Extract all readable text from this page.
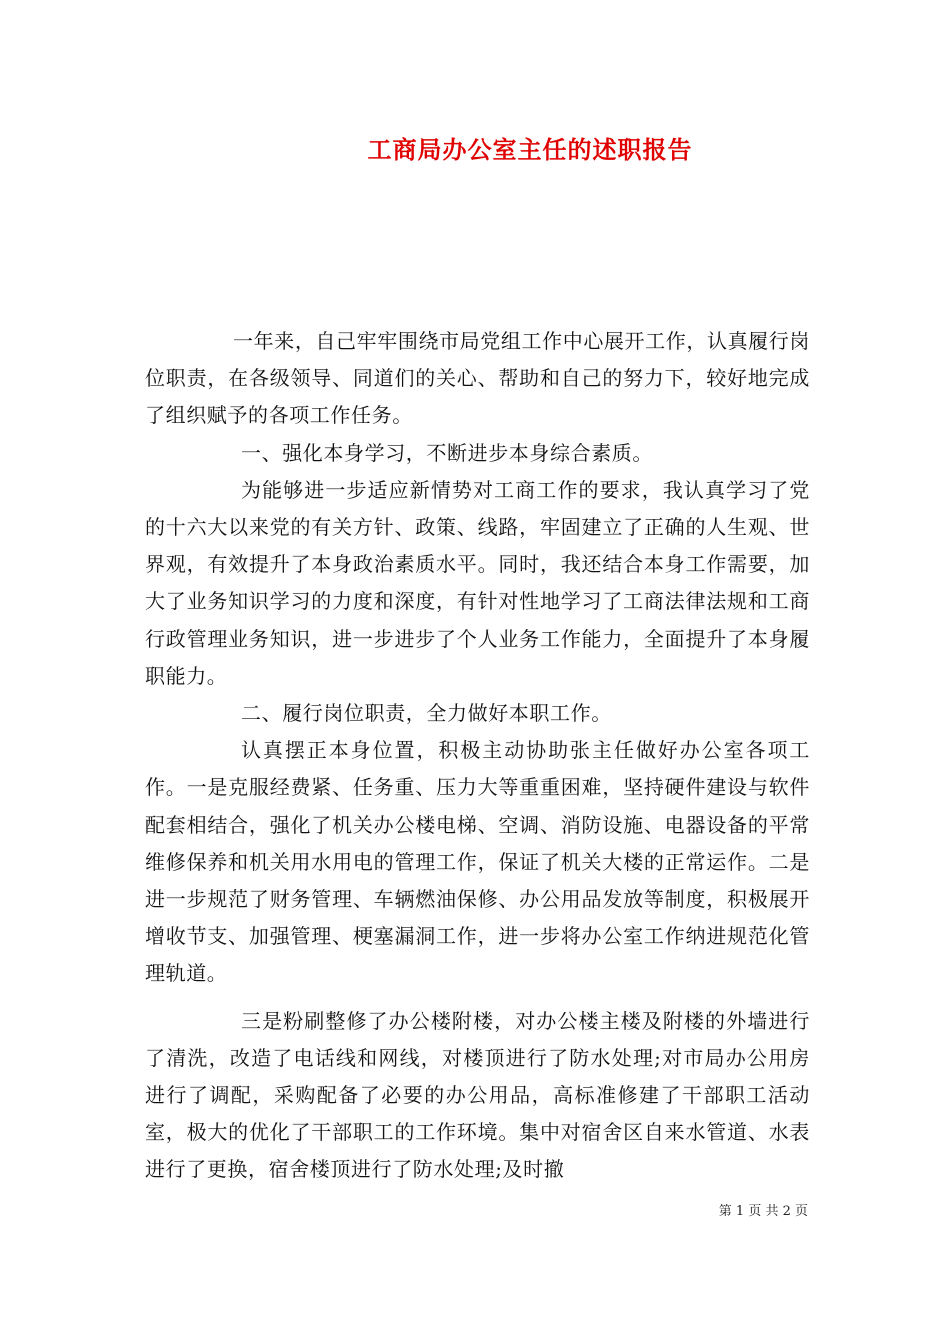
工商局办公室主任的述职报告

一年来，自己牢牢围绕市局党组工作中心展开工作，认真履行岗位职责，在各级领导、同道们的关心、帮助和自己的努力下，较好地完成了组织赋予的各项工作任务。

一、强化本身学习，不断进步本身综合素质。

为能够进一步适应新情势对工商工作的要求，我认真学习了党的十六大以来党的有关方针、政策、线路，牢固建立了正确的人生观、世界观，有效提升了本身政治素质水平。同时，我还结合本身工作需要，加大了业务知识学习的力度和深度，有针对性地学习了工商法律法规和工商行政管理业务知识，进一步进步了个人业务工作能力，全面提升了本身履职能力。

二、履行岗位职责，全力做好本职工作。

认真摆正本身位置，积极主动协助张主任做好办公室各项工作。一是克服经费紧、任务重、压力大等重重困难，坚持硬件建设与软件配套相结合，强化了机关办公楼电梯、空调、消防设施、电器设备的平常维修保养和机关用水用电的管理工作，保证了机关大楼的正常运作。二是进一步规范了财务管理、车辆燃油保修、办公用品发放等制度，积极展开增收节支、加强管理、梗塞漏洞工作，进一步将办公室工作纳进规范化管理轨道。

三是粉刷整修了办公楼附楼，对办公楼主楼及附楼的外墙进行了清洗，改造了电话线和网线，对楼顶进行了防水处理;对市局办公用房进行了调配，采购配备了必要的办公用品，高标准修建了干部职工活动室，极大的优化了干部职工的工作环境。集中对宿舍区自来水管道、水表进行了更换，宿舍楼顶进行了防水处理;及时撤

第 1 页 共 2 页
